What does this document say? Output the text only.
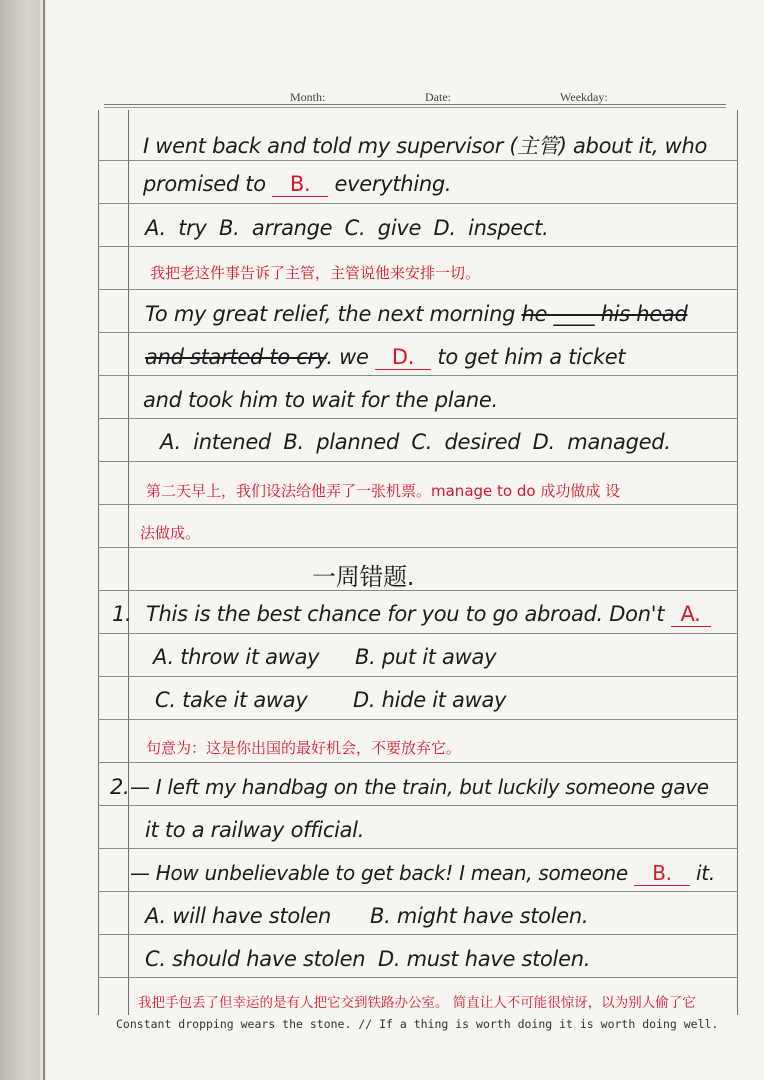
Month:	Date:	Weekday:
I went back and told my supervisor (主管) about it, who
promised to B. everything.
A. try B. arrange C. give D. inspect.
我把老这件事告诉了主管，主管说他来安排一切。
To my great relief, the next morning he ____ his head
and started to cry. we D. to get him a ticket
and took him to wait for the plane.
A. intened B. planned C. desired D. managed.
第二天早上，我们设法给他弄了一张机票。manage to do 成功做成 设
法做成。
一周错题.
1. This is the best chance for you to go abroad. Don't A.
A. throw it away B. put it away
C. take it away D. hide it away
句意为：这是你出国的最好机会，不要放弃它。
2. — I left my handbag on the train, but luckily someone gave
it to a railway official.
— How unbelievable to get back! I mean, someone B. it.
A. will have stolen B. might have stolen.
C. should have stolen D. must have stolen.
我把手包丢了但幸运的是有人把它交到铁路办公室。 简直让人不可能很惊讶，以为别人偷了它
Constant dropping wears the stone. // If a thing is worth doing it is worth doing well.
